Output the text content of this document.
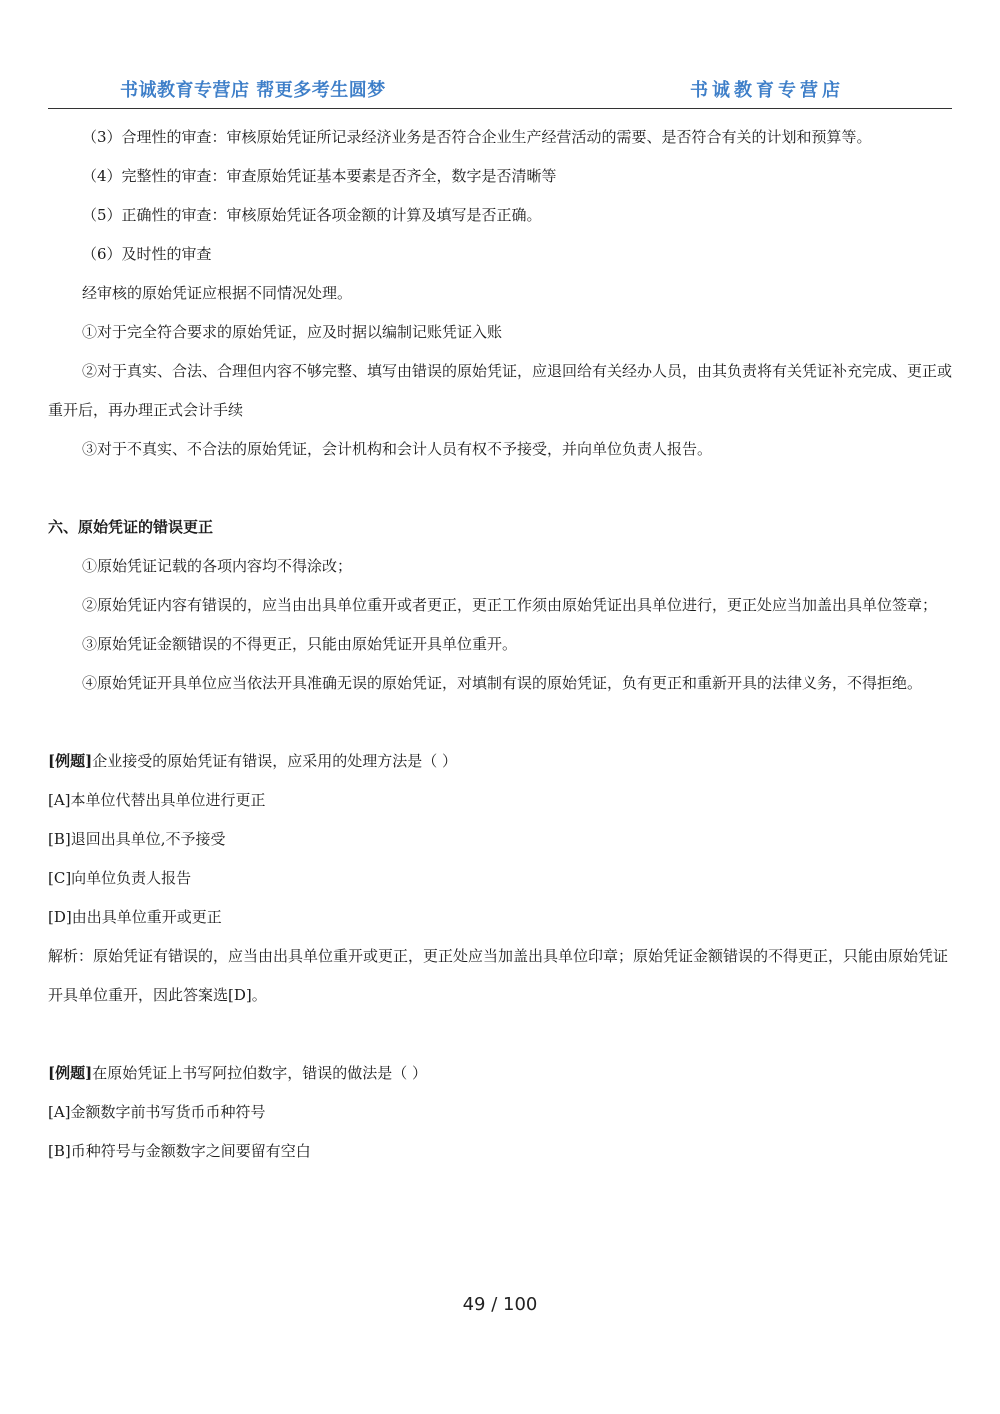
书诚教育专营店 帮更多考生圆梦	书诚教育专营店

（3）合理性的审查：审核原始凭证所记录经济业务是否符合企业生产经营活动的需要、是否符合有关的计划和预算等。

（4）完整性的审查：审查原始凭证基本要素是否齐全，数字是否清晰等

（5）正确性的审查：审核原始凭证各项金额的计算及填写是否正确。

（6）及时性的审查

经审核的原始凭证应根据不同情况处理。

①对于完全符合要求的原始凭证，应及时据以编制记账凭证入账

②对于真实、合法、合理但内容不够完整、填写由错误的原始凭证，应退回给有关经办人员，由其负责将有关凭证补充完成、更正或重开后，再办理正式会计手续

③对于不真实、不合法的原始凭证，会计机构和会计人员有权不予接受，并向单位负责人报告。

六、原始凭证的错误更正

①原始凭证记载的各项内容均不得涂改；

②原始凭证内容有错误的，应当由出具单位重开或者更正，更正工作须由原始凭证出具单位进行，更正处应当加盖出具单位签章；

③原始凭证金额错误的不得更正，只能由原始凭证开具单位重开。

④原始凭证开具单位应当依法开具准确无误的原始凭证，对填制有误的原始凭证，负有更正和重新开具的法律义务，不得拒绝。

[例题]企业接受的原始凭证有错误，应采用的处理方法是（ ）

[A]本单位代替出具单位进行更正

[B]退回出具单位,不予接受

[C]向单位负责人报告

[D]由出具单位重开或更正

解析：原始凭证有错误的，应当由出具单位重开或更正，更正处应当加盖出具单位印章；原始凭证金额错误的不得更正，只能由原始凭证开具单位重开，因此答案选[D]。

[例题]在原始凭证上书写阿拉伯数字，错误的做法是（ ）

[A]金额数字前书写货币币种符号

[B]币种符号与金额数字之间要留有空白

49 / 100
